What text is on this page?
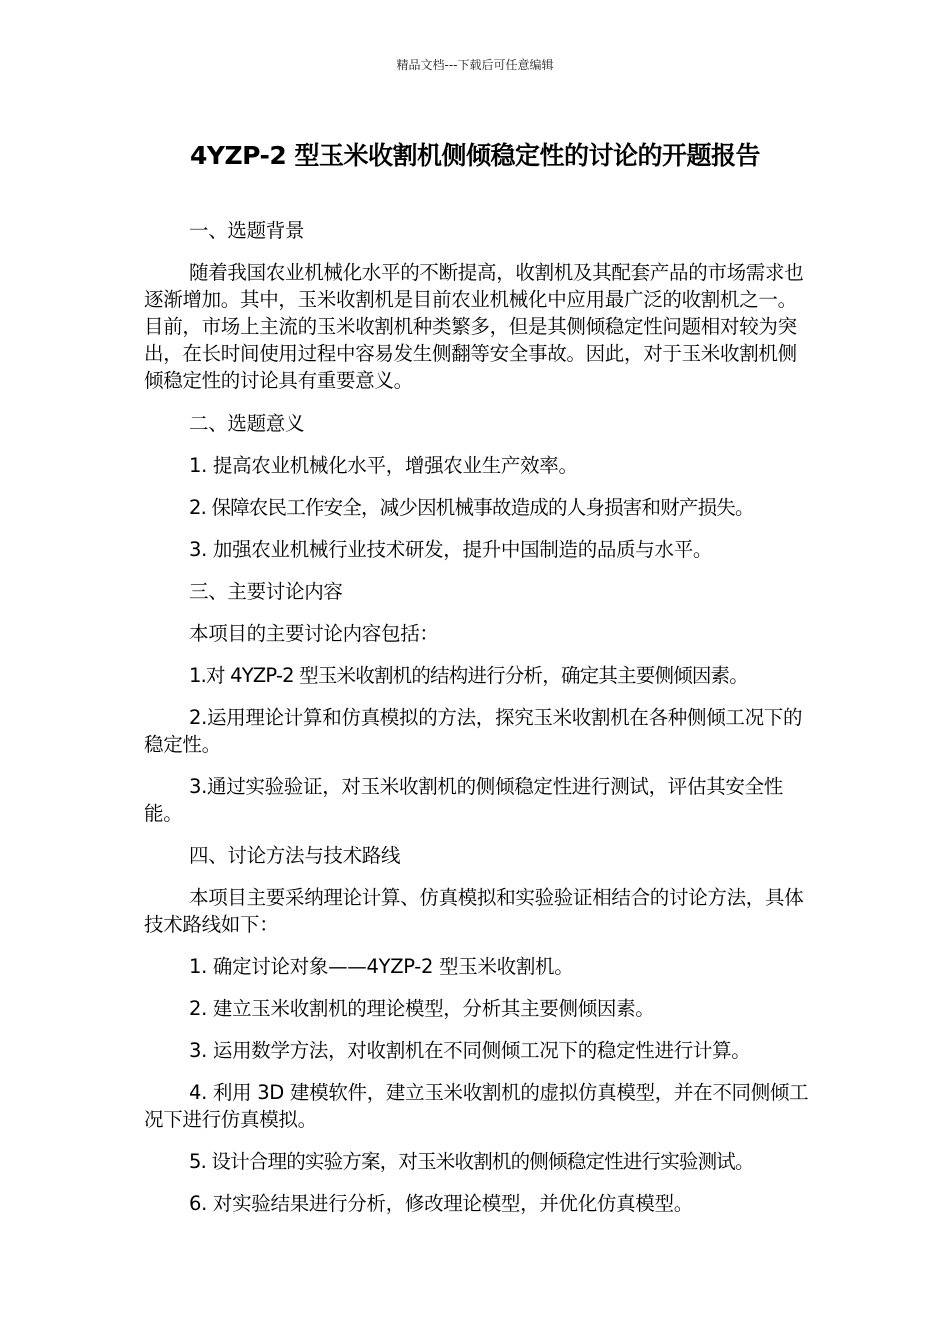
精品文档---下载后可任意编辑
4YZP-2 型玉米收割机侧倾稳定性的讨论的开题报告

一、选题背景

随着我国农业机械化水平的不断提高，收割机及其配套产品的市场需求也逐渐增加。其中，玉米收割机是目前农业机械化中应用最广泛的收割机之一。目前，市场上主流的玉米收割机种类繁多，但是其侧倾稳定性问题相对较为突出，在长时间使用过程中容易发生侧翻等安全事故。因此，对于玉米收割机侧倾稳定性的讨论具有重要意义。

二、选题意义

1. 提高农业机械化水平，增强农业生产效率。

2. 保障农民工作安全，减少因机械事故造成的人身损害和财产损失。

3. 加强农业机械行业技术研发，提升中国制造的品质与水平。

三、主要讨论内容

本项目的主要讨论内容包括：

1.对 4YZP-2 型玉米收割机的结构进行分析，确定其主要侧倾因素。

2.运用理论计算和仿真模拟的方法，探究玉米收割机在各种侧倾工况下的稳定性。

3.通过实验验证，对玉米收割机的侧倾稳定性进行测试，评估其安全性能。

四、讨论方法与技术路线

本项目主要采纳理论计算、仿真模拟和实验验证相结合的讨论方法，具体技术路线如下：

1. 确定讨论对象——4YZP-2 型玉米收割机。

2. 建立玉米收割机的理论模型，分析其主要侧倾因素。

3. 运用数学方法，对收割机在不同侧倾工况下的稳定性进行计算。

4. 利用 3D 建模软件，建立玉米收割机的虚拟仿真模型，并在不同侧倾工况下进行仿真模拟。

5. 设计合理的实验方案，对玉米收割机的侧倾稳定性进行实验测试。

6. 对实验结果进行分析，修改理论模型，并优化仿真模型。
